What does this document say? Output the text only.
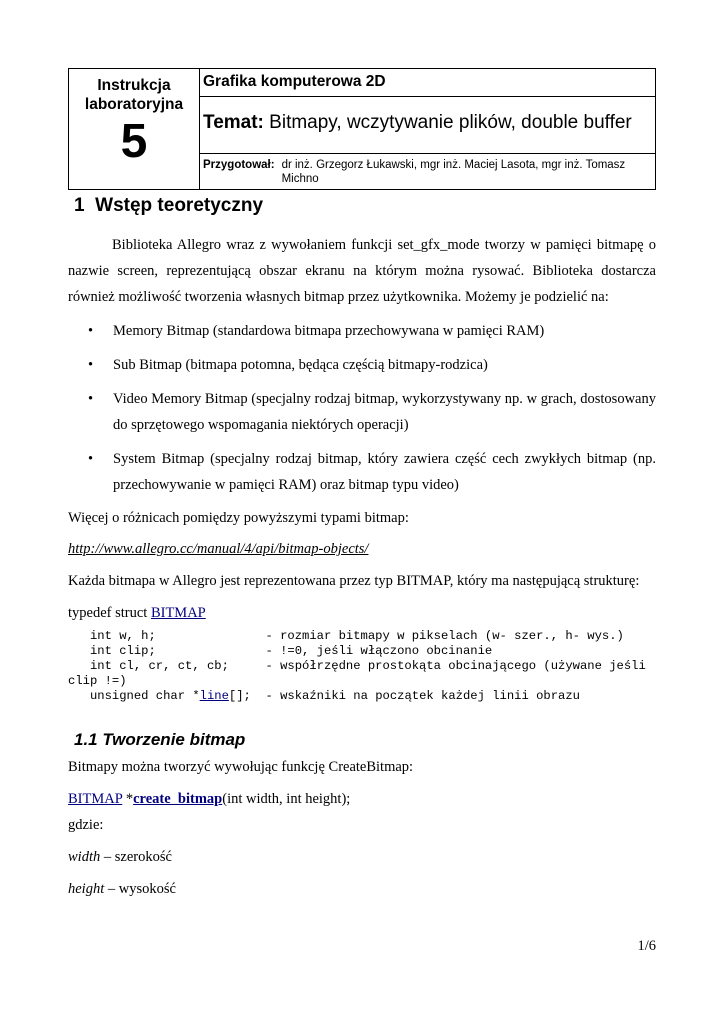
Instrukcja
laboratoryjna
5
	Grafika komputerowa 2D
Temat: Bitmapy, wczytywanie plików, double buffer

Przygotował: dr inż. Grzegorz Łukawski, mgr inż. Maciej Lasota, mgr inż. Tomasz Michno
1 Wstęp teoretyczny

Biblioteka Allegro wraz z wywołaniem funkcji set_gfx_mode tworzy w pamięci bitmapę o nazwie screen, reprezentującą obszar ekranu na którym można rysować. Biblioteka dostarcza również możliwość tworzenia własnych bitmap przez użytkownika. Możemy je podzielić na:

• Memory Bitmap (standardowa bitmapa przechowywana w pamięci RAM)
• Sub Bitmap (bitmapa potomna, będąca częścią bitmapy-rodzica)
• Video Memory Bitmap (specjalny rodzaj bitmap, wykorzystywany np. w grach, dostosowany do sprzętowego wspomagania niektórych operacji)
• System Bitmap (specjalny rodzaj bitmap, który zawiera część cech zwykłych bitmap (np. przechowywanie w pamięci RAM) oraz bitmap typu video)

Więcej o różnicach pomiędzy powyższymi typami bitmap:

http://www.allegro.cc/manual/4/api/bitmap-objects/

Każda bitmapa w Allegro jest reprezentowana przez typ BITMAP, który ma następującą strukturę:

typedef struct BITMAP

int w, h;               - rozmiar bitmapy w pikselach (w- szer., h- wys.)
int clip;               - !=0, jeśli włączono obcinanie
int cl, cr, ct, cb;     - współrzędne prostokąta obcinającego (używane jeśli
clip !=)
unsigned char *line[];  - wskaźniki na początek każdej linii obrazu
1.1 Tworzenie bitmap

Bitmapy można tworzyć wywołując funkcję CreateBitmap:

BITMAP *create_bitmap(int width, int height);

gdzie:

width – szerokość

height – wysokość

1/6
